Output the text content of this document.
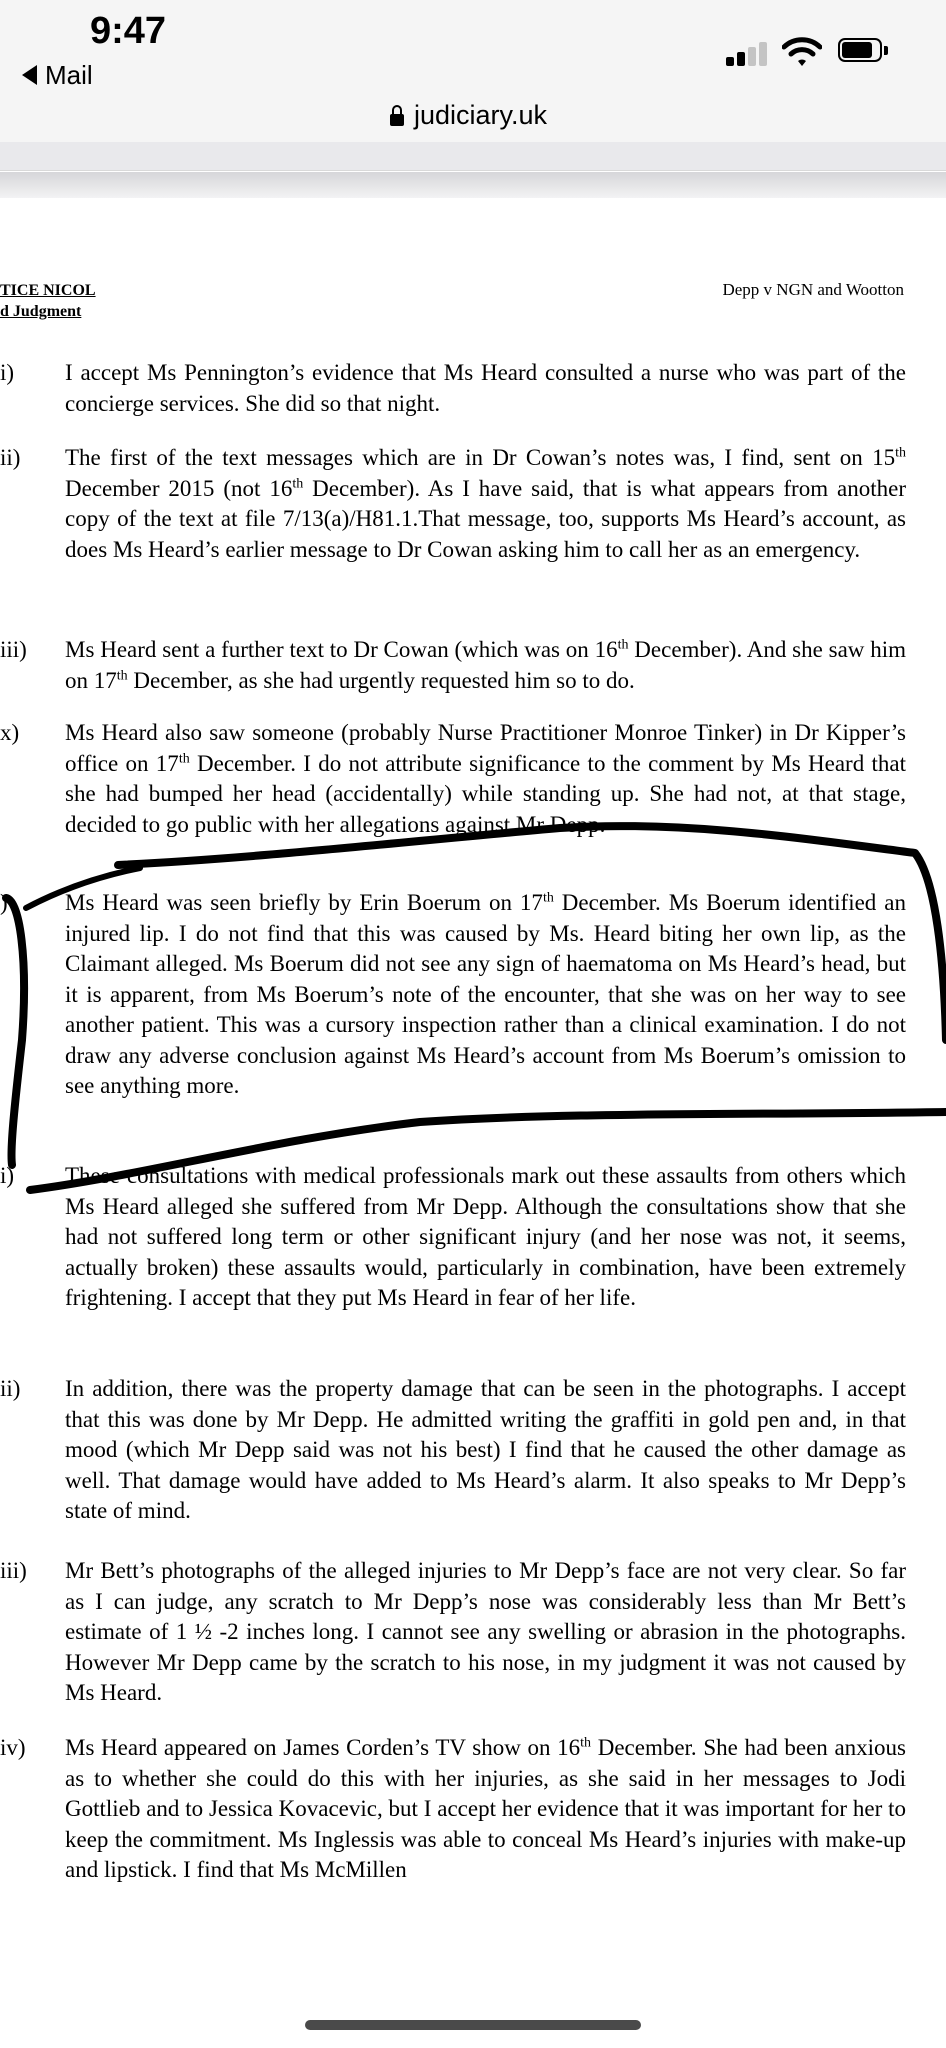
9:47
Mail
judiciary.uk
TICE NICOL
d Judgment
Depp v NGN and Wootton
i) I accept Ms Pennington’s evidence that Ms Heard consulted a nurse who was part of the concierge services. She did so that night.
ii) The first of the text messages which are in Dr Cowan’s notes was, I find, sent on 15th December 2015 (not 16th December). As I have said, that is what appears from another copy of the text at file 7/13(a)/H81.1.That message, too, supports Ms Heard’s account, as does Ms Heard’s earlier message to Dr Cowan asking him to call her as an emergency.
iii) Ms Heard sent a further text to Dr Cowan (which was on 16th December). And she saw him on 17th December, as she had urgently requested him so to do.
x) Ms Heard also saw someone (probably Nurse Practitioner Monroe Tinker) in Dr Kipper’s office on 17th December. I do not attribute significance to the comment by Ms Heard that she had bumped her head (accidentally) while standing up. She had not, at that stage, decided to go public with her allegations against Mr Depp.
) Ms Heard was seen briefly by Erin Boerum on 17th December. Ms Boerum identified an injured lip. I do not find that this was caused by Ms. Heard biting her own lip, as the Claimant alleged. Ms Boerum did not see any sign of haematoma on Ms Heard’s head, but it is apparent, from Ms Boerum’s note of the encounter, that she was on her way to see another patient. This was a cursory inspection rather than a clinical examination. I do not draw any adverse conclusion against Ms Heard’s account from Ms Boerum’s omission to see anything more.
i) These consultations with medical professionals mark out these assaults from others which Ms Heard alleged she suffered from Mr Depp. Although the consultations show that she had not suffered long term or other significant injury (and her nose was not, it seems, actually broken) these assaults would, particularly in combination, have been extremely frightening. I accept that they put Ms Heard in fear of her life.
ii) In addition, there was the property damage that can be seen in the photographs. I accept that this was done by Mr Depp. He admitted writing the graffiti in gold pen and, in that mood (which Mr Depp said was not his best) I find that he caused the other damage as well. That damage would have added to Ms Heard’s alarm. It also speaks to Mr Depp’s state of mind.
iii) Mr Bett’s photographs of the alleged injuries to Mr Depp’s face are not very clear. So far as I can judge, any scratch to Mr Depp’s nose was considerably less than Mr Bett’s estimate of 1 ½ -2 inches long. I cannot see any swelling or abrasion in the photographs. However Mr Depp came by the scratch to his nose, in my judgment it was not caused by Ms Heard.
iv) Ms Heard appeared on James Corden’s TV show on 16th December. She had been anxious as to whether she could do this with her injuries, as she said in her messages to Jodi Gottlieb and to Jessica Kovacevic, but I accept her evidence that it was important for her to keep the commitment. Ms Inglessis was able to conceal Ms Heard’s injuries with make-up and lipstick. I find that Ms McMillen
